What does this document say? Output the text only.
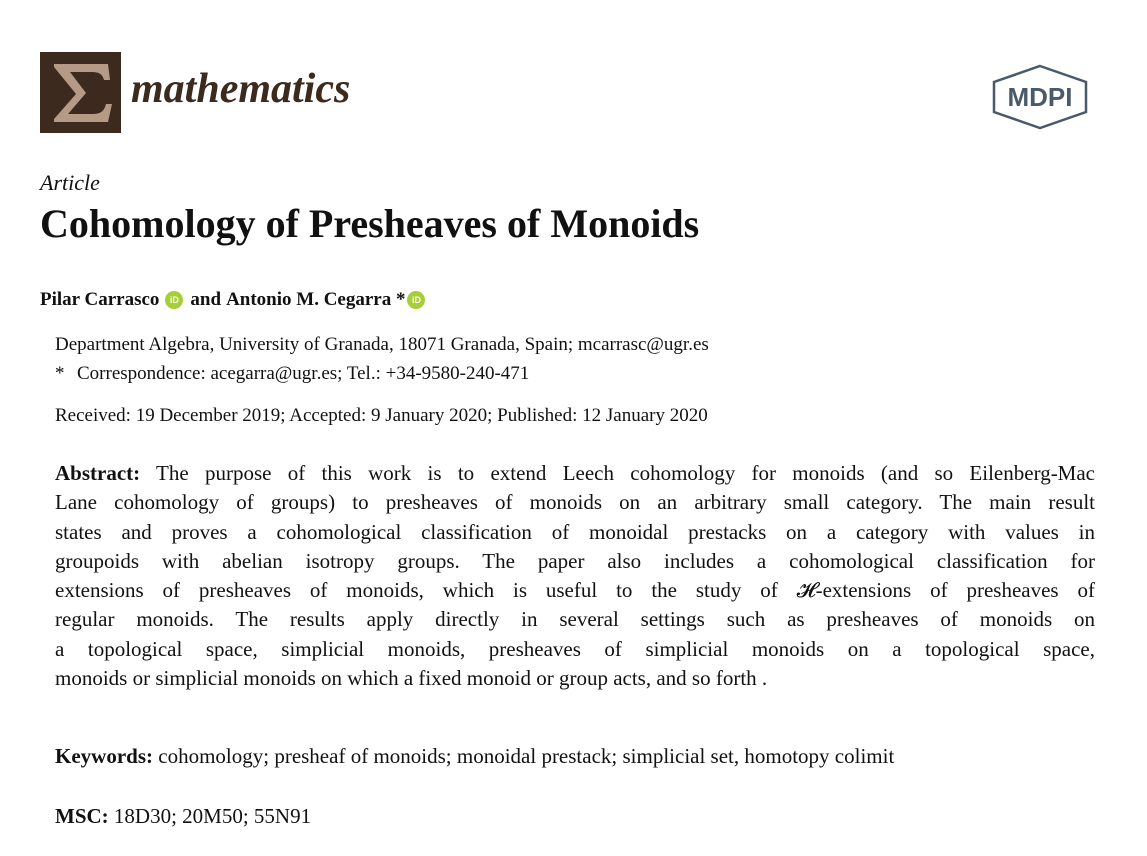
mathematics	MDPI
Article
Cohomology of Presheaves of Monoids
Pilar Carrasco	iD and Antonio M. Cegarra * iD
Department Algebra, University of Granada, 18071 Granada, Spain; mcarrasc@ugr.es
* Correspondence: acegarra@ugr.es; Tel.: +34-9580-240-471
Received: 19 December 2019; Accepted: 9 January 2020; Published: 12 January 2020
Abstract: The purpose of this work is to extend Leech cohomology for monoids (and so Eilenberg-Mac
Lane cohomology of groups) to presheaves of monoids on an arbitrary small category. The main result
states and proves a cohomological classification of monoidal prestacks on a category with values in
groupoids with abelian isotropy groups. The paper also includes a cohomological classification for
extensions of presheaves of monoids, which is useful to the study of 𝓗-extensions of presheaves of
regular monoids. The results apply directly in several settings such as presheaves of monoids on
a topological space, simplicial monoids, presheaves of simplicial monoids on a topological space,
monoids or simplicial monoids on which a fixed monoid or group acts, and so forth .
Keywords: cohomology; presheaf of monoids; monoidal prestack; simplicial set, homotopy colimit
MSC: 18D30; 20M50; 55N91
